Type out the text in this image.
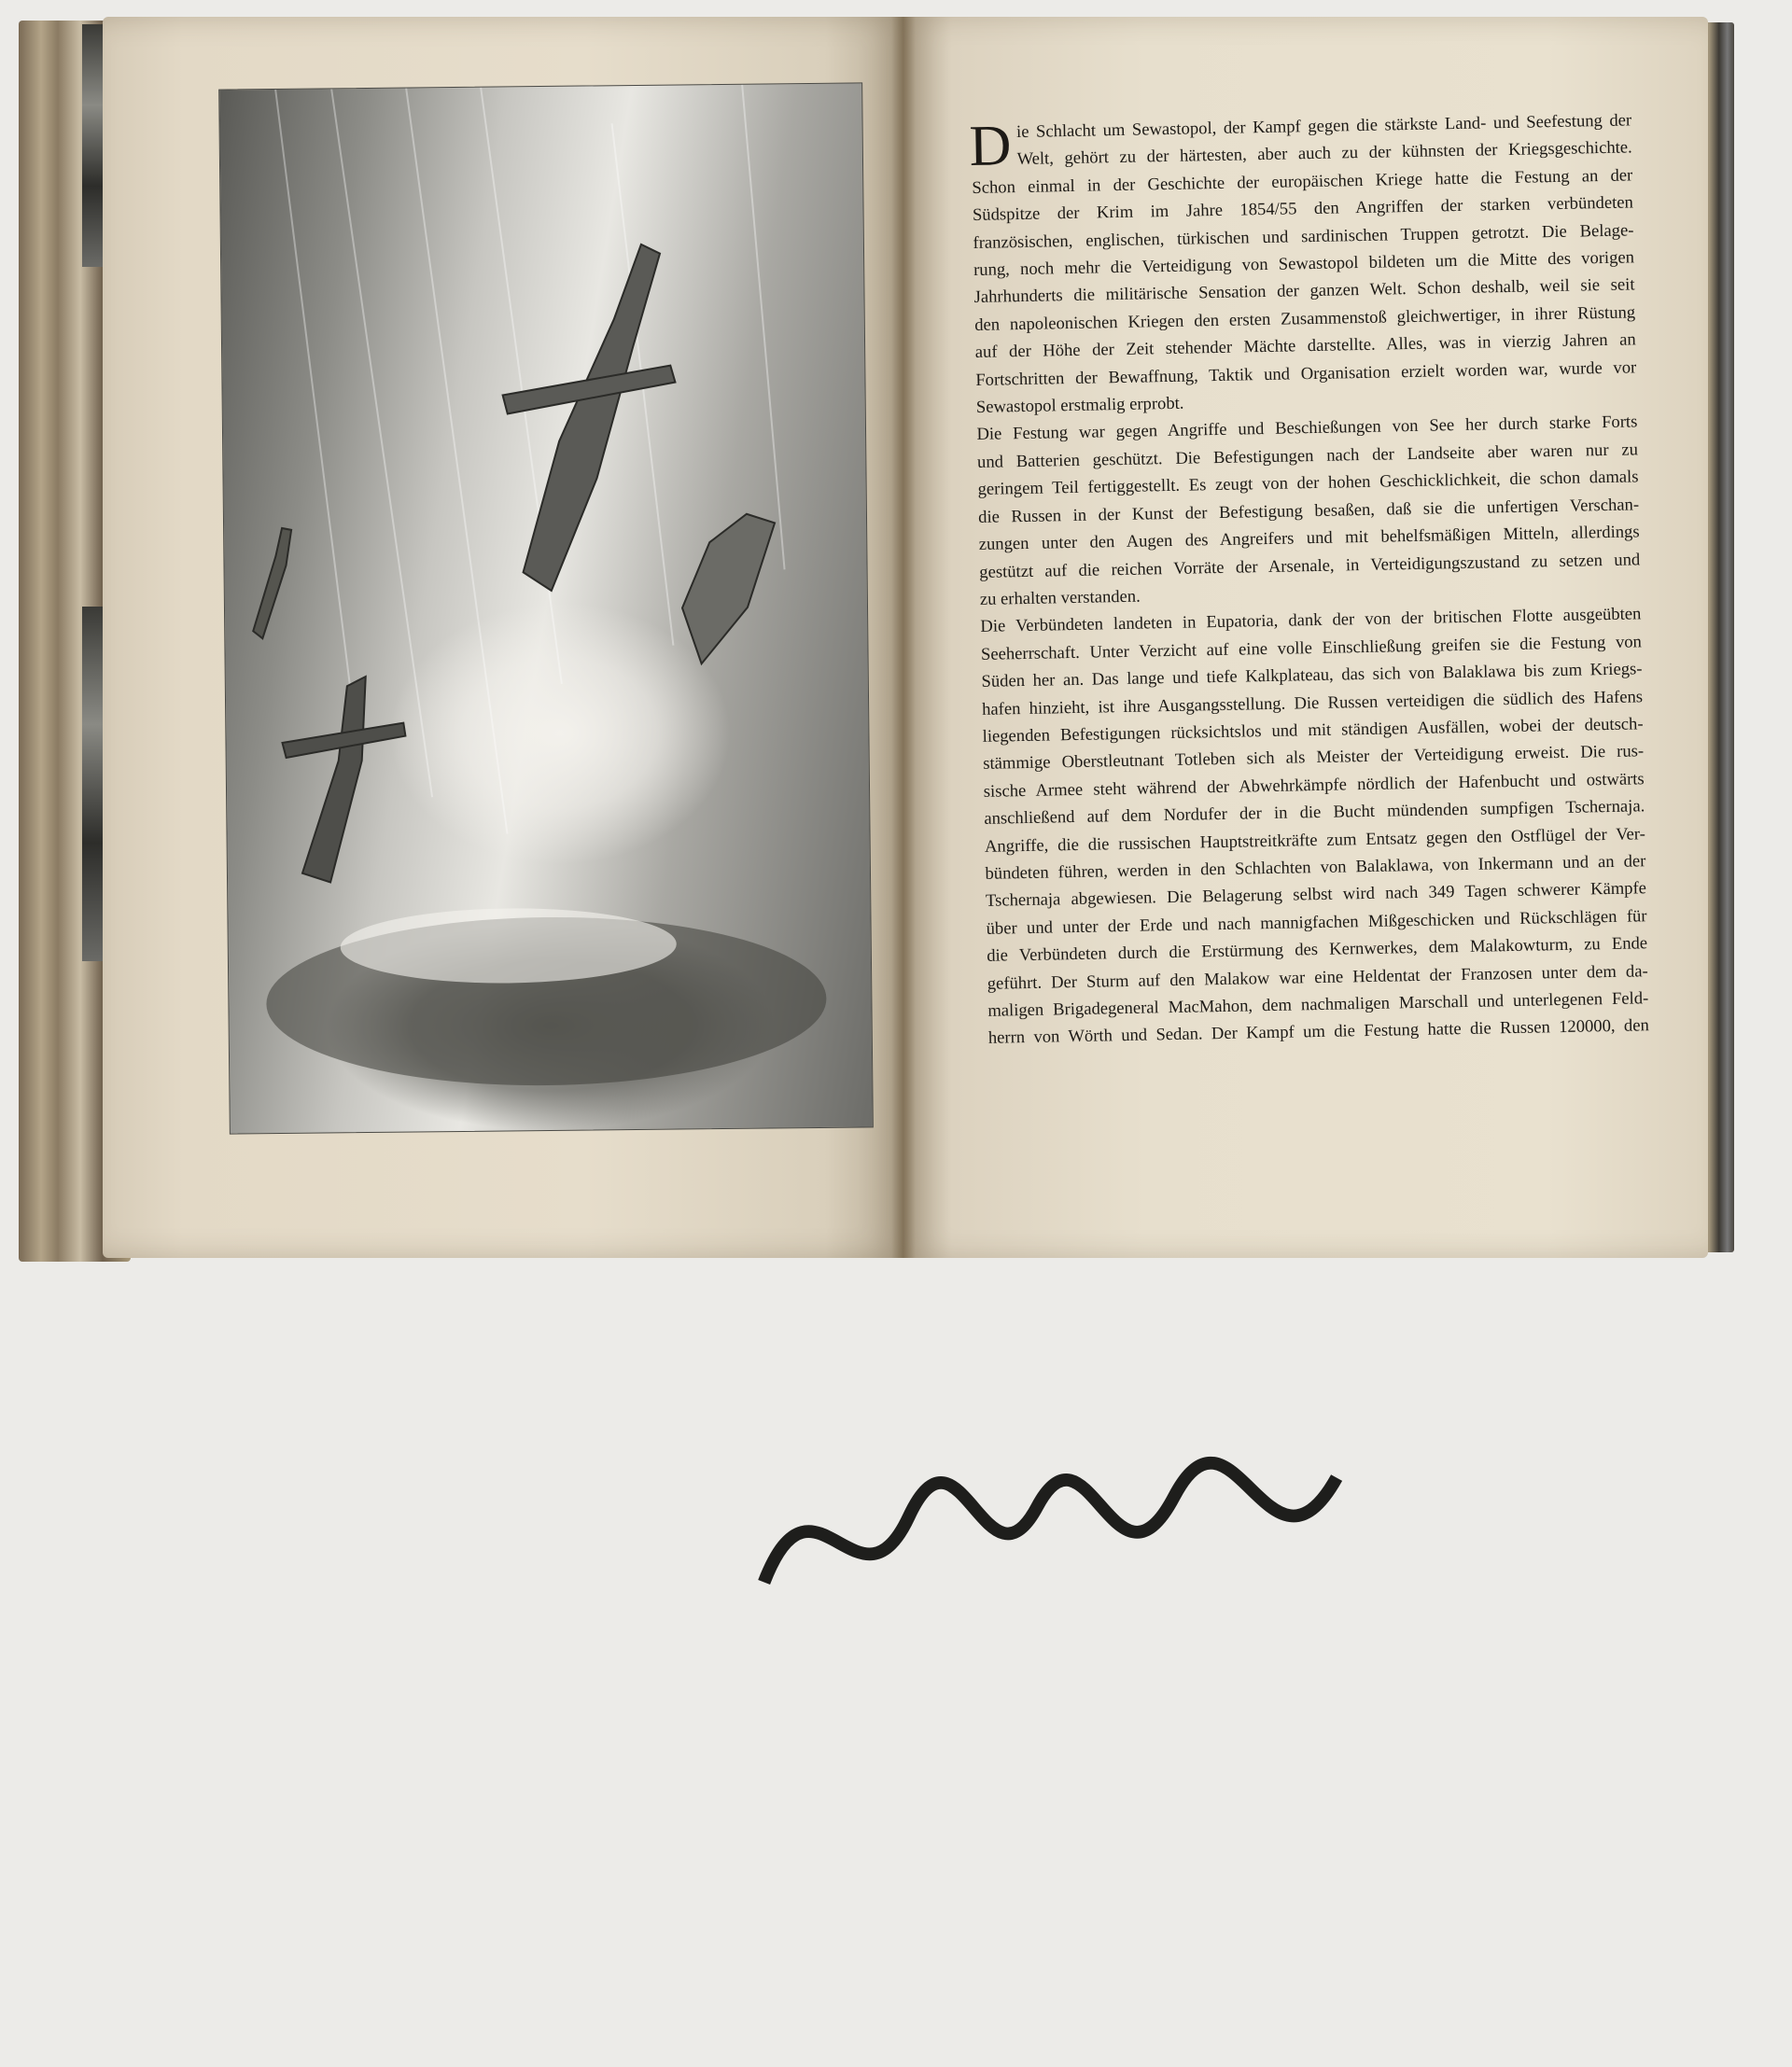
D ie Schlacht um Sewastopol, der Kampf gegen die stärkste Land- und Seefestung der
Welt, gehört zu der härtesten, aber auch zu der kühnsten der Kriegsgeschichte.
Schon einmal in der Geschichte der europäischen Kriege hatte die Festung an der
Südspitze der Krim im Jahre 1854/55 den Angriffen der starken verbündeten
französischen, englischen, türkischen und sardinischen Truppen getrotzt. Die Belage-
rung, noch mehr die Verteidigung von Sewastopol bildeten um die Mitte des vorigen
Jahrhunderts die militärische Sensation der ganzen Welt. Schon deshalb, weil sie seit
den napoleonischen Kriegen den ersten Zusammenstoß gleichwertiger, in ihrer Rüstung
auf der Höhe der Zeit stehender Mächte darstellte. Alles, was in vierzig Jahren an
Fortschritten der Bewaffnung, Taktik und Organisation erzielt worden war, wurde vor
Sewastopol erstmalig erprobt.

Die Festung war gegen Angriffe und Beschießungen von See her durch starke Forts
und Batterien geschützt. Die Befestigungen nach der Landseite aber waren nur zu
geringem Teil fertiggestellt. Es zeugt von der hohen Geschicklichkeit, die schon damals
die Russen in der Kunst der Befestigung besaßen, daß sie die unfertigen Verschan-
zungen unter den Augen des Angreifers und mit behelfsmäßigen Mitteln, allerdings
gestützt auf die reichen Vorräte der Arsenale, in Verteidigungszustand zu setzen und
zu erhalten verstanden.

Die Verbündeten landeten in Eupatoria, dank der von der britischen Flotte ausgeübten
Seeherrschaft. Unter Verzicht auf eine volle Einschließung greifen sie die Festung von
Süden her an. Das lange und tiefe Kalkplateau, das sich von Balaklawa bis zum Kriegs-
hafen hinzieht, ist ihre Ausgangsstellung. Die Russen verteidigen die südlich des Hafens
liegenden Befestigungen rücksichtslos und mit ständigen Ausfällen, wobei der deutsch-
stämmige Oberstleutnant Totleben sich als Meister der Verteidigung erweist. Die rus-
sische Armee steht während der Abwehrkämpfe nördlich der Hafenbucht und ostwärts
anschließend auf dem Nordufer der in die Bucht mündenden sumpfigen Tschernaja.
Angriffe, die die russischen Hauptstreitkräfte zum Entsatz gegen den Ostflügel der Ver-
bündeten führen, werden in den Schlachten von Balaklawa, von Inkermann und an der
Tschernaja abgewiesen. Die Belagerung selbst wird nach 349 Tagen schwerer Kämpfe
über und unter der Erde und nach mannigfachen Mißgeschicken und Rückschlägen für
die Verbündeten durch die Erstürmung des Kernwerkes, dem Malakowturm, zu Ende
geführt. Der Sturm auf den Malakow war eine Heldentat der Franzosen unter dem da-
maligen Brigadegeneral MacMahon, dem nachmaligen Marschall und unterlegenen Feld-
herrn von Wörth und Sedan. Der Kampf um die Festung hatte die Russen 120000, den
